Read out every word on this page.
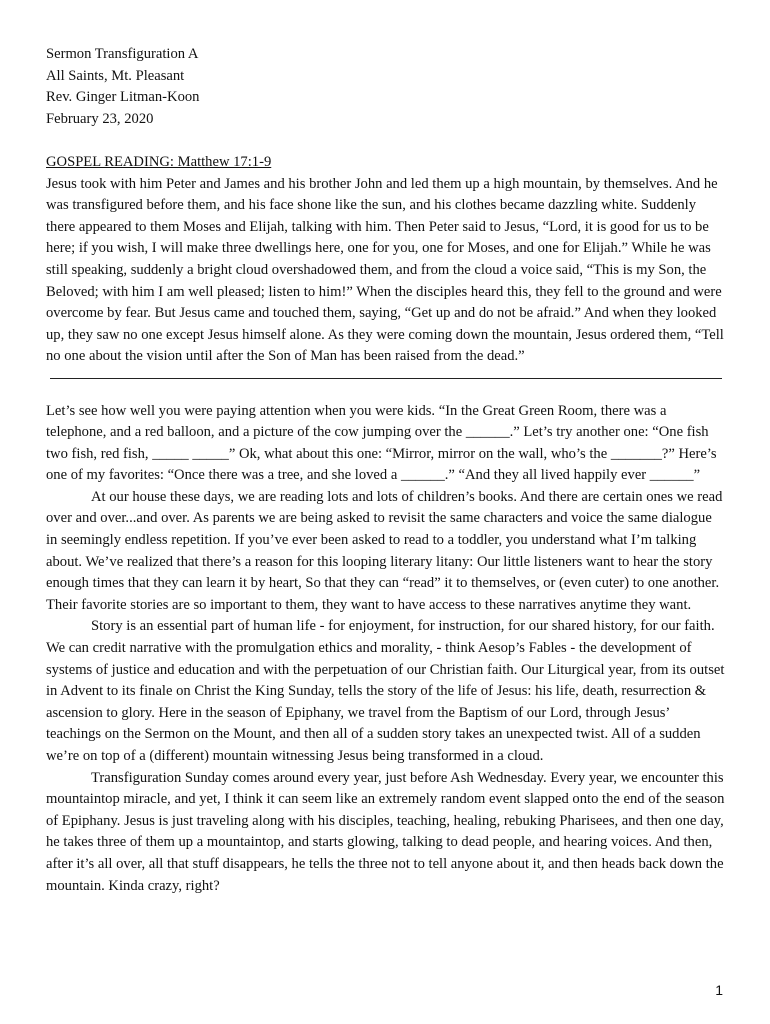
Sermon Transfiguration A

All Saints, Mt. Pleasant

Rev. Ginger Litman-Koon

February 23, 2020

GOSPEL READING: Matthew 17:1-9

Jesus took with him Peter and James and his brother John and led them up a high mountain, by themselves. And he was transfigured before them, and his face shone like the sun, and his clothes became dazzling white. Suddenly there appeared to them Moses and Elijah, talking with him. Then Peter said to Jesus, “Lord, it is good for us to be here; if you wish, I will make three dwellings here, one for you, one for Moses, and one for Elijah.” While he was still speaking, suddenly a bright cloud overshadowed them, and from the cloud a voice said, “This is my Son, the Beloved; with him I am well pleased; listen to him!” When the disciples heard this, they fell to the ground and were overcome by fear. But Jesus came and touched them, saying, “Get up and do not be afraid.” And when they looked up, they saw no one except Jesus himself alone. As they were coming down the mountain, Jesus ordered them, “Tell no one about the vision until after the Son of Man has been raised from the dead.”

Let’s see how well you were paying attention when you were kids. “In the Great Green Room, there was a telephone, and a red balloon, and a picture of the cow jumping over the ______.” Let’s try another one: “One fish two fish, red fish, _____ _____” Ok, what about this one: “Mirror, mirror on the wall, who’s the _______?” Here’s one of my favorites: “Once there was a tree, and she loved a ______.” “And they all lived happily ever ______”

At our house these days, we are reading lots and lots of children’s books. And there are certain ones we read over and over...and over. As parents we are being asked to revisit the same characters and voice the same dialogue in seemingly endless repetition. If you’ve ever been asked to read to a toddler, you understand what I’m talking about. We’ve realized that there’s a reason for this looping literary litany: Our little listeners want to hear the story enough times that they can learn it by heart, So that they can “read” it to themselves, or (even cuter) to one another. Their favorite stories are so important to them, they want to have access to these narratives anytime they want.

Story is an essential part of human life - for enjoyment, for instruction, for our shared history, for our faith. We can credit narrative with the promulgation ethics and morality, - think Aesop’s Fables - the development of systems of justice and education and with the perpetuation of our Christian faith. Our Liturgical year, from its outset in Advent to its finale on Christ the King Sunday, tells the story of the life of Jesus: his life, death, resurrection & ascension to glory. Here in the season of Epiphany, we travel from the Baptism of our Lord, through Jesus’ teachings on the Sermon on the Mount, and then all of a sudden story takes an unexpected twist. All of a sudden we’re on top of a (different) mountain witnessing Jesus being transformed in a cloud.

Transfiguration Sunday comes around every year, just before Ash Wednesday. Every year, we encounter this mountaintop miracle, and yet, I think it can seem like an extremely random event slapped onto the end of the season of Epiphany. Jesus is just traveling along with his disciples, teaching, healing, rebuking Pharisees, and then one day, he takes three of them up a mountaintop, and starts glowing, talking to dead people, and hearing voices. And then, after it’s all over, all that stuff disappears, he tells the three not to tell anyone about it, and then heads back down the mountain. Kinda crazy, right?

1
